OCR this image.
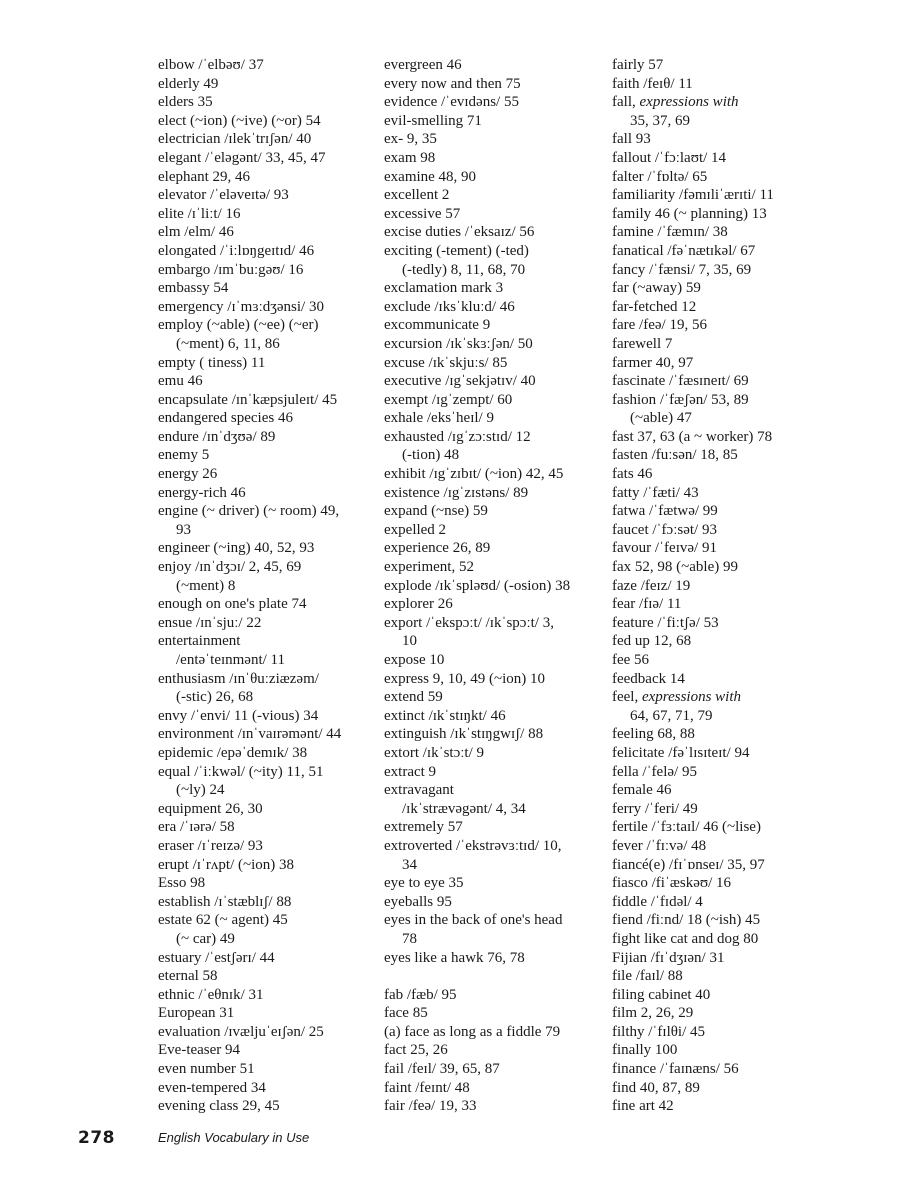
elbow /ˈelbəʊ/ 37
elderly 49
elders 35
elect (~ion) (~ive) (~or) 54
electrician /ɪlekˈtrɪʃən/ 40
elegant /ˈeləgənt/ 33, 45, 47
elephant 29, 46
elevator /ˈeləveɪtə/ 93
elite /ɪˈliːt/ 16
elm /elm/ 46
elongated /ˈiːlɒŋgeɪtɪd/ 46
embargo /ɪmˈbuːgəʊ/ 16
embassy 54
emergency /ɪˈmɜːdʒənsi/ 30
employ (~able) (~ee) (~er)
(~ment) 6, 11, 86
empty ( tiness) 11
emu 46
encapsulate /ɪnˈkæpsjuleɪt/ 45
endangered species 46
endure /ɪnˈdʒʊə/ 89
enemy 5
energy 26
energy-rich 46
engine (~ driver) (~ room) 49,
93
engineer (~ing) 40, 52, 93
enjoy /ɪnˈdʒɔɪ/ 2, 45, 69
(~ment) 8
enough on one's plate 74
ensue /ɪnˈsjuː/ 22
entertainment
/entəˈteɪnmənt/ 11
enthusiasm /ɪnˈθuːziæzəm/
(-stic) 26, 68
envy /ˈenvi/ 11 (-vious) 34
environment /ɪnˈvaɪrəmənt/ 44
epidemic /epəˈdemɪk/ 38
equal /ˈiːkwəl/ (~ity) 11, 51
(~ly) 24
equipment 26, 30
era /ˈɪərə/ 58
eraser /ɪˈreɪzə/ 93
erupt /ɪˈrʌpt/ (~ion) 38
Esso 98
establish /ɪˈstæblɪʃ/ 88
estate 62 (~ agent) 45
(~ car) 49
estuary /ˈestʃərɪ/ 44
eternal 58
ethnic /ˈeθnɪk/ 31
European 31
evaluation /ɪvæljuˈeɪʃən/ 25
Eve-teaser 94
even number 51
even-tempered 34
evening class 29, 45
evergreen 46
every now and then 75
evidence /ˈevɪdəns/ 55
evil-smelling 71
ex- 9, 35
exam 98
examine 48, 90
excellent 2
excessive 57
excise duties /ˈeksaɪz/ 56
exciting (-tement) (-ted)
(-tedly) 8, 11, 68, 70
exclamation mark 3
exclude /ɪksˈkluːd/ 46
excommunicate 9
excursion /ɪkˈskɜːʃən/ 50
excuse /ɪkˈskjuːs/ 85
executive /ɪgˈsekjətɪv/ 40
exempt /ɪgˈzempt/ 60
exhale /eksˈheɪl/ 9
exhausted /ɪgˈzɔːstɪd/ 12
(-tion) 48
exhibit /ɪgˈzɪbɪt/ (~ion) 42, 45
existence /ɪgˈzɪstəns/ 89
expand (~nse) 59
expelled 2
experience 26, 89
experiment, 52
explode /ɪkˈspləʊd/ (-osion) 38
explorer 26
export /ˈekspɔːt/ /ɪkˈspɔːt/ 3,
10
expose 10
express 9, 10, 49 (~ion) 10
extend 59
extinct /ɪkˈstɪŋkt/ 46
extinguish /ɪkˈstɪŋgwɪʃ/ 88
extort /ɪkˈstɔːt/ 9
extract 9
extravagant
/ɪkˈstrævəgənt/ 4, 34
extremely 57
extroverted /ˈekstrəvɜːtɪd/ 10,
34
eye to eye 35
eyeballs 95
eyes in the back of one's head
78
eyes like a hawk 76, 78
fab /fæb/ 95
face 85
(a) face as long as a fiddle 79
fact 25, 26
fail /feɪl/ 39, 65, 87
faint /feɪnt/ 48
fair /feə/ 19, 33
fairly 57
faith /feɪθ/ 11
fall, expressions with
35, 37, 69
fall 93
fallout /ˈfɔːlaʊt/ 14
falter /ˈfɒltə/ 65
familiarity /fəmɪliˈærɪti/ 11
family 46 (~ planning) 13
famine /ˈfæmɪn/ 38
fanatical /fəˈnætɪkəl/ 67
fancy /ˈfænsi/ 7, 35, 69
far (~away) 59
far-fetched 12
fare /feə/ 19, 56
farewell 7
farmer 40, 97
fascinate /ˈfæsɪneɪt/ 69
fashion /ˈfæʃən/ 53, 89
(~able) 47
fast 37, 63 (a ~ worker) 78
fasten /fuːsən/ 18, 85
fats 46
fatty /ˈfæti/ 43
fatwa /ˈfætwə/ 99
faucet /ˈfɔːsət/ 93
favour /ˈfeɪvə/ 91
fax 52, 98 (~able) 99
faze /feɪz/ 19
fear /fɪə/ 11
feature /ˈfiːtʃə/ 53
fed up 12, 68
fee 56
feedback 14
feel, expressions with
64, 67, 71, 79
feeling 68, 88
felicitate /fəˈlɪsɪteɪt/ 94
fella /ˈfelə/ 95
female 46
ferry /ˈferi/ 49
fertile /ˈfɜːtaɪl/ 46 (~lise)
fever /ˈfɪːvə/ 48
fiancé(e) /fɪˈɒnseɪ/ 35, 97
fiasco /fiˈæskəʊ/ 16
fiddle /ˈfɪdəl/ 4
fiend /fiːnd/ 18 (~ish) 45
fight like cat and dog 80
Fijian /fɪˈdʒɪən/ 31
file /faɪl/ 88
filing cabinet 40
film 2, 26, 29
filthy /ˈfɪlθi/ 45
finally 100
finance /ˈfaɪnæns/ 56
find 40, 87, 89
fine art 42
278	English Vocabulary in Use
